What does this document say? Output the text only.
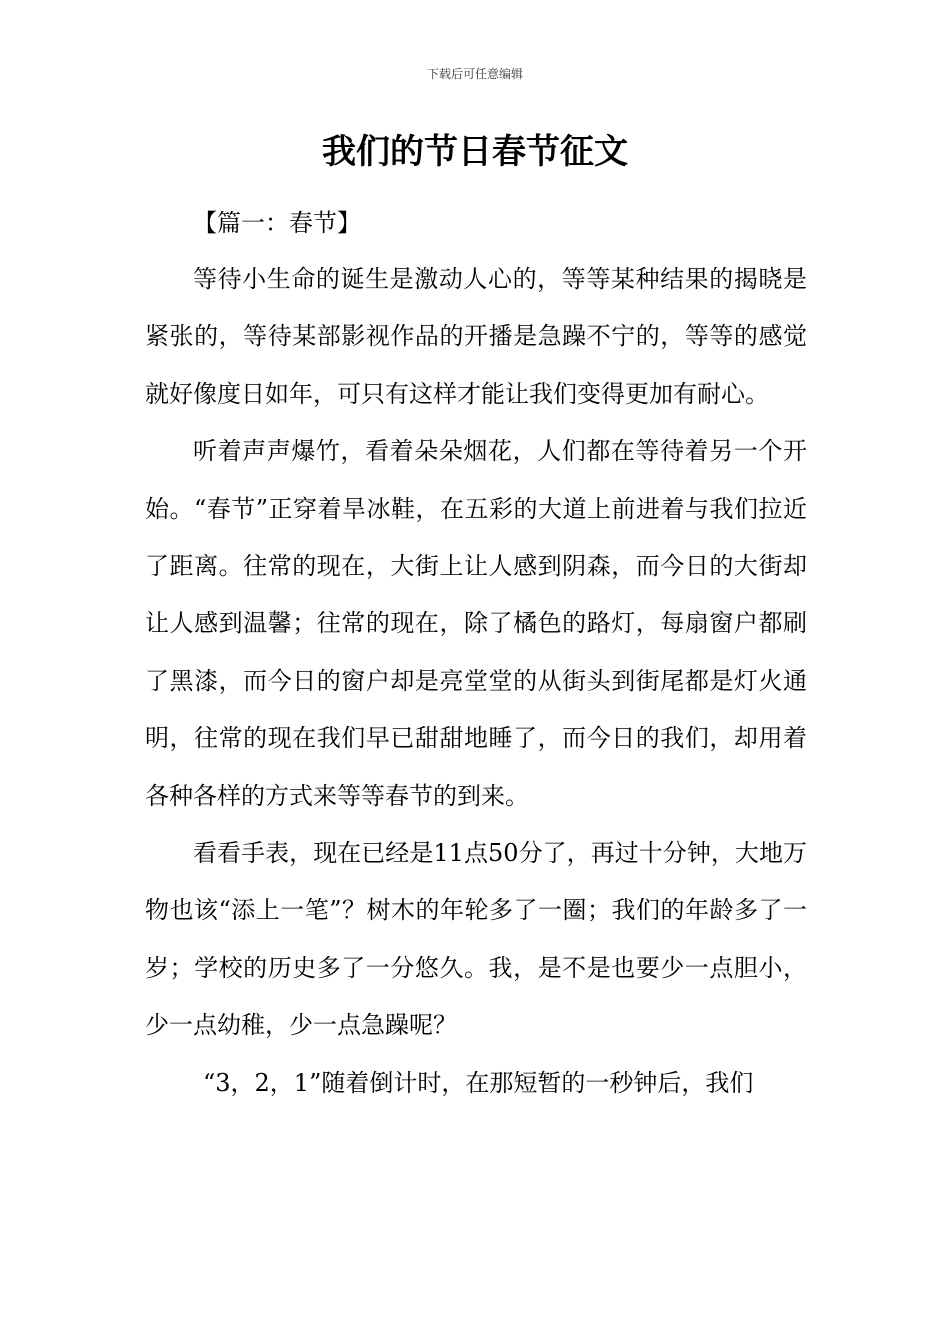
下载后可任意编辑
我们的节日春节征文
【篇一：春节】

等待小生命的诞生是激动人心的，等等某种结果的揭晓是紧张的，等待某部影视作品的开播是急躁不宁的，等等的感觉就好像度日如年，可只有这样才能让我们变得更加有耐心。

听着声声爆竹，看着朵朵烟花，人们都在等待着另一个开始。“春节”正穿着旱冰鞋，在五彩的大道上前进着与我们拉近了距离。往常的现在，大街上让人感到阴森，而今日的大街却让人感到温馨；往常的现在，除了橘色的路灯，每扇窗户都刷了黑漆，而今日的窗户却是亮堂堂的从街头到街尾都是灯火通明，往常的现在我们早已甜甜地睡了，而今日的我们，却用着各种各样的方式来等等春节的到来。

看看手表，现在已经是11点50分了，再过十分钟，大地万物也该“添上一笔”？树木的年轮多了一圈；我们的年龄多了一岁；学校的历史多了一分悠久。我，是不是也要少一点胆小，少一点幼稚，少一点急躁呢？

“3，2，1”随着倒计时，在那短暂的一秒钟后，我们
